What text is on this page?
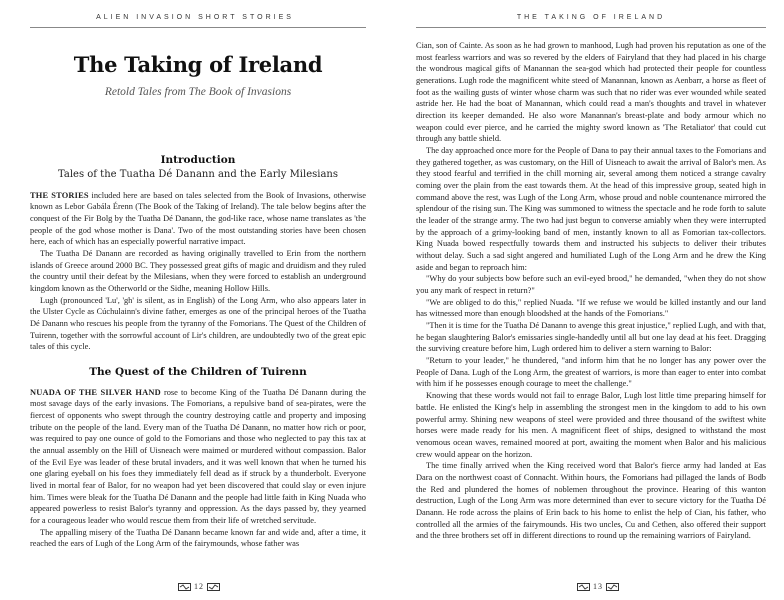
ALIEN INVASION SHORT STORIES
The Taking of Ireland
Retold Tales from The Book of Invasions
Introduction
Tales of the Tuatha Dé Danann and the Early Milesians

THE STORIES included here are based on tales selected from the Book of Invasions, otherwise known as Lebor Gabála Érenn (The Book of the Taking of Ireland). The tale below begins after the conquest of the Fir Bolg by the Tuatha Dé Danann, the god-like race, whose name translates as 'the people of the god whose mother is Dana'. Two of the most outstanding stories have been chosen here, each of which has an especially powerful narrative impact.

The Tuatha Dé Danann are recorded as having originally travelled to Erin from the northern islands of Greece around 2000 BC. They possessed great gifts of magic and druidism and they ruled the country until their defeat by the Milesians, when they were forced to establish an underground kingdom known as the Otherworld or the Sidhe, meaning Hollow Hills.

Lugh (pronounced 'Lu', 'gh' is silent, as in English) of the Long Arm, who also appears later in the Ulster Cycle as Cúchulainn's divine father, emerges as one of the principal heroes of the Tuatha Dé Danann who rescues his people from the tyranny of the Fomorians. The Quest of the Children of Tuirenn, together with the sorrowful account of Lir's children, are undoubtedly two of the great epic tales of this cycle.

The Quest of the Children of Tuirenn

NUADA OF THE SILVER HAND rose to become King of the Tuatha Dé Danann during the most savage days of the early invasions. The Fomorians, a repulsive band of sea-pirates, were the fiercest of opponents who swept through the country destroying cattle and property and imposing tribute on the people of the land. Every man of the Tuatha Dé Danann, no matter how rich or poor, was required to pay one ounce of gold to the Fomorians and those who neglected to pay this tax at the annual assembly on the Hill of Uisneach were maimed or murdered without compassion. Balor of the Evil Eye was leader of these brutal invaders, and it was well known that when he turned his one glaring eyeball on his foes they immediately fell dead as if struck by a thunderbolt. Everyone lived in mortal fear of Balor, for no weapon had yet been discovered that could slay or even injure him. Times were bleak for the Tuatha Dé Danann and the people had little faith in King Nuada who appeared powerless to resist Balor's tyranny and oppression. As the days passed by, they yearned for a courageous leader who would rescue them from their life of wretched servitude.

The appalling misery of the Tuatha Dé Danann became known far and wide and, after a time, it reached the ears of Lugh of the Long Arm of the fairymounds, whose father was

12
THE TAKING OF IRELAND

Cian, son of Cainte. As soon as he had grown to manhood, Lugh had proven his reputation as one of the most fearless warriors and was so revered by the elders of Fairyland that they had placed in his charge the wondrous magical gifts of Manannan the sea-god which had protected their people for countless generations. Lugh rode the magnificent white steed of Manannan, known as Aenbarr, a horse as fleet of foot as the wailing gusts of winter whose charm was such that no rider was ever wounded while seated astride her. He had the boat of Manannan, which could read a man's thoughts and travel in whatever direction its keeper demanded. He also wore Manannan's breast-plate and body armour which no weapon could ever pierce, and he carried the mighty sword known as 'The Retaliator' that could cut through any battle shield.

The day approached once more for the People of Dana to pay their annual taxes to the Fomorians and they gathered together, as was customary, on the Hill of Uisneach to await the arrival of Balor's men. As they stood fearful and terrified in the chill morning air, several among them noticed a strange cavalry coming over the plain from the east towards them. At the head of this impressive group, seated high in command above the rest, was Lugh of the Long Arm, whose proud and noble countenance mirrored the splendour of the rising sun. The King was summoned to witness the spectacle and he rode forth to salute the leader of the strange army. The two had just begun to converse amiably when they were interrupted by the approach of a grimy-looking band of men, instantly known to all as Fomorian tax-collectors. King Nuada bowed respectfully towards them and instructed his subjects to deliver their tributes without delay. Such a sad sight angered and humiliated Lugh of the Long Arm and he drew the King aside and began to reproach him:

"Why do your subjects bow before such an evil-eyed brood," he demanded, "when they do not show you any mark of respect in return?"

"We are obliged to do this," replied Nuada. "If we refuse we would be killed instantly and our land has witnessed more than enough bloodshed at the hands of the Fomorians."

"Then it is time for the Tuatha Dé Danann to avenge this great injustice," replied Lugh, and with that, he began slaughtering Balor's emissaries single-handedly until all but one lay dead at his feet. Dragging the surviving creature before him, Lugh ordered him to deliver a stern warning to Balor:

"Return to your leader," he thundered, "and inform him that he no longer has any power over the People of Dana. Lugh of the Long Arm, the greatest of warriors, is more than eager to enter into combat with him if he possesses enough courage to meet the challenge."

Knowing that these words would not fail to enrage Balor, Lugh lost little time preparing himself for battle. He enlisted the King's help in assembling the strongest men in the kingdom to add to his own powerful army. Shining new weapons of steel were provided and three thousand of the swiftest white horses were made ready for his men. A magnificent fleet of ships, designed to withstand the most venomous ocean waves, remained moored at port, awaiting the moment when Balor and his malicious crew would appear on the horizon.

The time finally arrived when the King received word that Balor's fierce army had landed at Eas Dara on the northwest coast of Connacht. Within hours, the Fomorians had pillaged the lands of Bodb the Red and plundered the homes of noblemen throughout the province. Hearing of this wanton destruction, Lugh of the Long Arm was more determined than ever to secure victory for the Tuatha Dé Danann. He rode across the plains of Erin back to his home to enlist the help of Cian, his father, who controlled all the armies of the fairymounds. His two uncles, Cu and Cethen, also offered their support and the three brothers set off in different directions to round up the remaining warriors of Fairyland.

13
